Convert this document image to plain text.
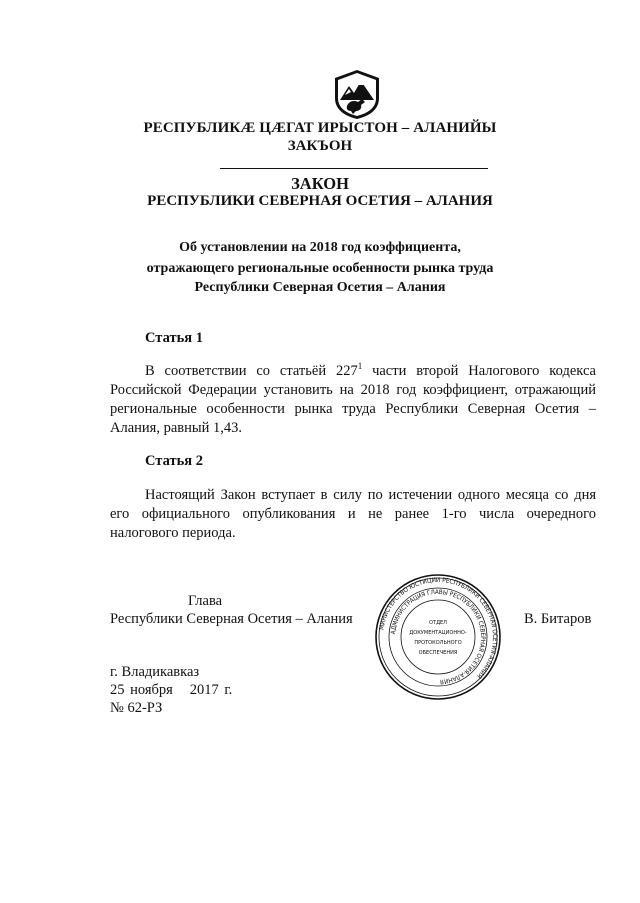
РЕСПУБЛИКÆ ЦÆГАТ ИРЫСТОН – АЛАНИЙЫ
ЗАКЪОН
ЗАКОН
РЕСПУБЛИКИ СЕВЕРНАЯ ОСЕТИЯ – АЛАНИЯ
Об установлении на 2018 год коэффициента,
отражающего региональные особенности рынка труда
Республики Северная Осетия – Алания
Статья 1
В соответствии со статьёй $227^1$ части второй Налогового кодекса Российской Федерации установить на 2018 год коэффициент, отражающий региональные особенности рынка труда Республики Северная Осетия – Алания, равный 1,43.
Статья 2
Настоящий Закон вступает в силу по истечении одного месяца со дня его официального опубликования и не ранее 1-го числа очередного налогового периода.
Глава
Республики Северная Осетия – Алания	В. Битаров
МИНИСТЕРСТВО ЮСТИЦИИ РЕСПУБЛИКИ СЕВЕРНАЯ ОСЕТИЯ-АЛАНИЯ
АДМИНИСТРАЦИЯ ГЛАВЫ РЕСПУБЛИКИ СЕВЕРНАЯ ОСЕТИЯ-АЛАНИЯ
ОТДЕЛ
ДОКУМЕНТАЦИОННО-
ПРОТОКОЛЬНОГО
ОБЕСПЕЧЕНИЯ
г. Владикавказ
25 ноября   2017 г.
№ 62-РЗ
